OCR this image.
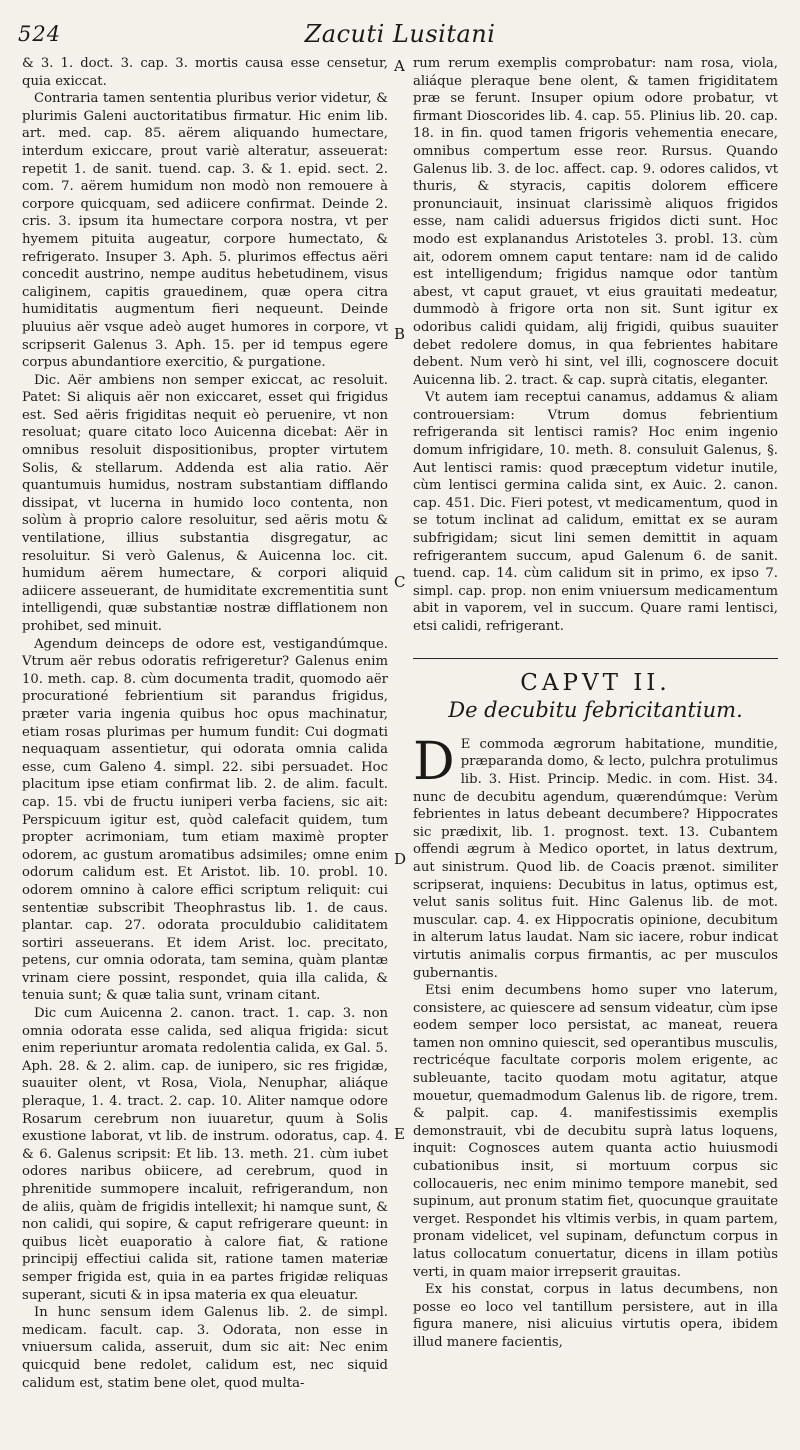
524	Zacuti Lusitani

& 3. 1. doct. 3. cap. 3. mortis causa esse censetur, quia exiccat.

Contraria tamen sententia pluribus verior videtur, & plurimis Galeni auctoritatibus firmatur. Hic enim lib. art. med. cap. 85. aërem aliquando humectare, interdum exiccare, prout variè alteratur, asseuerat: repetit 1. de sanit. tuend. cap. 3. & 1. epid. sect. 2. com. 7. aërem humidum non modò non remouere à corpore quicquam, sed adiicere confirmat. Deinde 2. cris. 3. ipsum ita humectare corpora nostra, vt per hyemem pituita augeatur, corpore humectato, & refrigerato. Insuper 3. Aph. 5. plurimos effectus aëri concedit austrino, nempe auditus hebetudinem, visus caliginem, capitis grauedinem, quæ opera citra humiditatis augmentum fieri nequeunt. Deinde pluuius aër vsque adeò auget humores in corpore, vt scripserit Galenus 3. Aph. 15. per id tempus egere corpus abundantiore exercitio, & purgatione.

Dic. Aër ambiens non semper exiccat, ac resoluit. Patet: Si aliquis aër non exiccaret, esset qui frigidus est. Sed aëris frigiditas nequit eò peruenire, vt non resoluat; quare citato loco Auicenna dicebat: Aër in omnibus resoluit dispositionibus, propter virtutem Solis, & stellarum. Addenda est alia ratio. Aër quantumuis humidus, nostram substantiam difflando dissipat, vt lucerna in humido loco contenta, non solùm à proprio calore resoluitur, sed aëris motu & ventilatione, illius substantia disgregatur, ac resoluitur. Si verò Galenus, & Auicenna loc. cit. humidum aërem humectare, & corpori aliquid adiicere asseuerant, de humiditate excrementitia sunt intelligendi, quæ substantiæ nostræ difflationem non prohibet, sed minuit.

Agendum deinceps de odore est, vestigandúmque. Vtrum aër rebus odoratis refrigeretur? Galenus enim 10. meth. cap. 8. cùm documenta tradit, quomodo aër procurationé febrientium sit parandus frigidus, præter varia ingenia quibus hoc opus machinatur, etiam rosas plurimas per humum fundit: Cui dogmati nequaquam assentietur, qui odorata omnia calida esse, cum Galeno 4. simpl. 22. sibi persuadet. Hoc placitum ipse etiam confirmat lib. 2. de alim. facult. cap. 15. vbi de fructu iuniperi verba faciens, sic ait: Perspicuum igitur est, quòd calefacit quidem, tum propter acrimoniam, tum etiam maximè propter odorem, ac gustum aromatibus adsimiles; omne enim odorum calidum est. Et Aristot. lib. 10. probl. 10. odorem omnino à calore effici scriptum reliquit: cui sententiæ subscribit Theophrastus lib. 1. de caus. plantar. cap. 27. odorata proculdubio caliditatem sortiri asseuerans. Et idem Arist. loc. precitato, petens, cur omnia odorata, tam semina, quàm plantæ vrinam ciere possint, respondet, quia illa calida, & tenuia sunt; & quæ talia sunt, vrinam citant.

Dic cum Auicenna 2. canon. tract. 1. cap. 3. non omnia odorata esse calida, sed aliqua frigida: sicut enim reperiuntur aromata redolentia calida, ex Gal. 5. Aph. 28. & 2. alim. cap. de iunipero, sic res frigidæ, suauiter olent, vt Rosa, Viola, Nenuphar, aliáque pleraque, 1. 4. tract. 2. cap. 10. Aliter namque odore Rosarum cerebrum non iuuaretur, quum à Solis exustione laborat, vt lib. de instrum. odoratus, cap. 4. & 6. Galenus scripsit: Et lib. 13. meth. 21. cùm iubet odores naribus obiicere, ad cerebrum, quod in phrenitide summopere incaluit, refrigerandum, non de aliis, quàm de frigidis intellexit; hi namque sunt, & non calidi, qui sopire, & caput refrigerare queunt: in quibus licèt euaporatio à calore fiat, & ratione principij effectiui calida sit, ratione tamen materiæ semper frigida est, quia in ea partes frigidæ reliquas superant, sicuti & in ipsa materia ex qua eleuatur.

In hunc sensum idem Galenus lib. 2. de simpl. medicam. facult. cap. 3. Odorata, non esse in vniuersum calida, asseruit, dum sic ait: Nec enim quicquid bene redolet, calidum est, nec siquid calidum est, statim bene olet, quod multa-

A
B
C
D
E

rum rerum exemplis comprobatur: nam rosa, viola, aliáque pleraque bene olent, & tamen frigiditatem præ se ferunt. Insuper opium odore probatur, vt firmant Dioscorides lib. 4. cap. 55. Plinius lib. 20. cap. 18. in fin. quod tamen frigoris vehementia enecare, omnibus compertum esse reor. Rursus. Quando Galenus lib. 3. de loc. affect. cap. 9. odores calidos, vt thuris, & styracis, capitis dolorem efficere pronunciauit, insinuat clarissimè aliquos frigidos esse, nam calidi aduersus frigidos dicti sunt. Hoc modo est explanandus Aristoteles 3. probl. 13. cùm ait, odorem omnem caput tentare: nam id de calido est intelligendum; frigidus namque odor tantùm abest, vt caput grauet, vt eius grauitati medeatur, dummodò à frigore orta non sit. Sunt igitur ex odoribus calidi quidam, alij frigidi, quibus suauiter debet redolere domus, in qua febrientes habitare debent. Num verò hi sint, vel illi, cognoscere docuit Auicenna lib. 2. tract. & cap. suprà citatis, eleganter.

Vt autem iam receptui canamus, addamus & aliam controuersiam: Vtrum domus febrientium refrigeranda sit lentisci ramis? Hoc enim ingenio domum infrigidare, 10. meth. 8. consuluit Galenus, §. Aut lentisci ramis: quod præceptum videtur inutile, cùm lentisci germina calida sint, ex Auic. 2. canon. cap. 451. Dic. Fieri potest, vt medicamentum, quod in se totum inclinat ad calidum, emittat ex se auram subfrigidam; sicut lini semen demittit in aquam refrigerantem succum, apud Galenum 6. de sanit. tuend. cap. 14. cùm calidum sit in primo, ex ipso 7. simpl. cap. prop. non enim vniuersum medicamentum abit in vaporem, vel in succum. Quare rami lentisci, etsi calidi, refrigerant.

CAPVT II.
De decubitu febricitantium.

D E commoda ægrorum habitatione, munditie, præparanda domo, & lecto, pulchra protulimus lib. 3. Hist. Princip. Medic. in com. Hist. 34. nunc de decubitu agendum, quærendúmque: Verùm febrientes in latus debeant decumbere? Hippocrates sic prædixit, lib. 1. prognost. text. 13. Cubantem offendi ægrum à Medico oportet, in latus dextrum, aut sinistrum. Quod lib. de Coacis prænot. similiter scripserat, inquiens: Decubitus in latus, optimus est, velut sanis solitus fuit. Hinc Galenus lib. de mot. muscular. cap. 4. ex Hippocratis opinione, decubitum in alterum latus laudat. Nam sic iacere, robur indicat virtutis animalis corpus firmantis, ac per musculos gubernantis.

Etsi enim decumbens homo super vno laterum, consistere, ac quiescere ad sensum videatur, cùm ipse eodem semper loco persistat, ac maneat, reuera tamen non omnino quiescit, sed operantibus musculis, rectricéque facultate corporis molem erigente, ac subleuante, tacito quodam motu agitatur, atque mouetur, quemadmodum Galenus lib. de rigore, trem. & palpit. cap. 4. manifestissimis exemplis demonstrauit, vbi de decubitu suprà latus loquens, inquit: Cognosces autem quanta actio huiusmodi cubationibus insit, si mortuum corpus sic collocaueris, nec enim minimo tempore manebit, sed supinum, aut pronum statim fiet, quocunque grauitate verget. Respondet his vltimis verbis, in quam partem, pronam videlicet, vel supinam, defunctum corpus in latus collocatum conuertatur, dicens in illam potiùs verti, in quam maior irrepserit grauitas.

Ex his constat, corpus in latus decumbens, non posse eo loco vel tantillum persistere, aut in illa figura manere, nisi alicuius virtutis opera, ibidem illud manere facientis,
